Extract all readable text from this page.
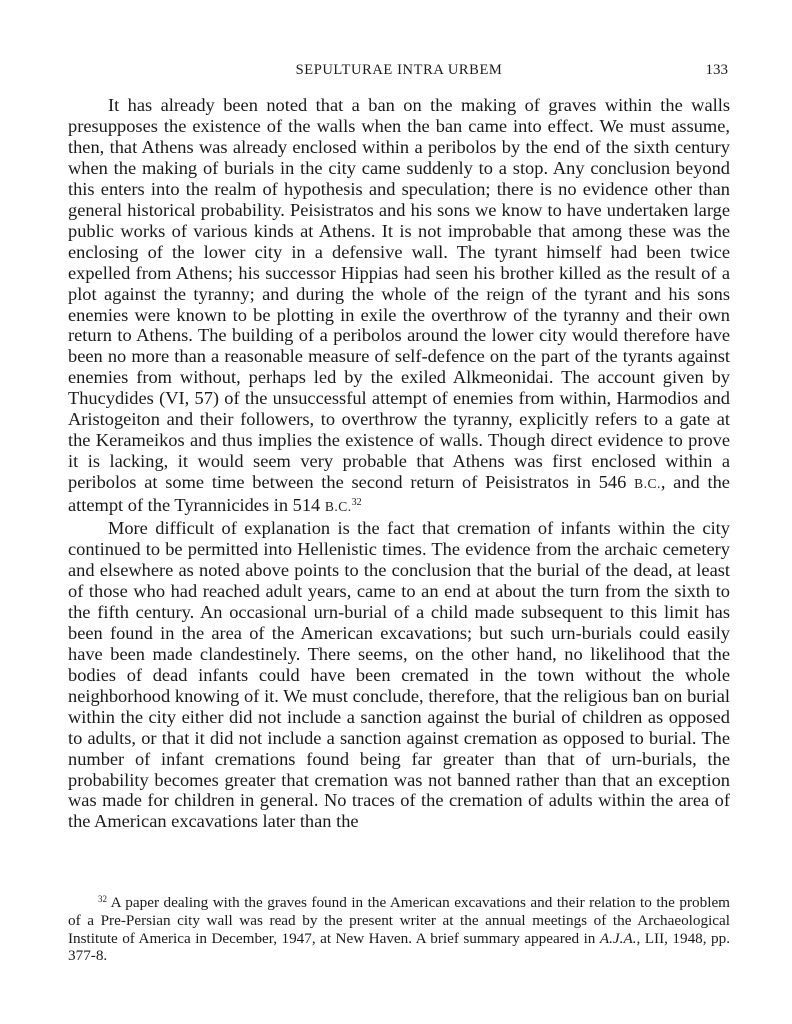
SEPULTURAE INTRA URBEM	133

It has already been noted that a ban on the making of graves within the walls presupposes the existence of the walls when the ban came into effect. We must assume, then, that Athens was already enclosed within a peribolos by the end of the sixth century when the making of burials in the city came suddenly to a stop. Any conclusion beyond this enters into the realm of hypothesis and speculation; there is no evidence other than general historical probability. Peisistratos and his sons we know to have undertaken large public works of various kinds at Athens. It is not improbable that among these was the enclosing of the lower city in a defensive wall. The tyrant himself had been twice expelled from Athens; his successor Hippias had seen his brother killed as the result of a plot against the tyranny; and during the whole of the reign of the tyrant and his sons enemies were known to be plotting in exile the overthrow of the tyranny and their own return to Athens. The building of a peribolos around the lower city would therefore have been no more than a reasonable measure of self-defence on the part of the tyrants against enemies from without, perhaps led by the exiled Alkmeonidai. The account given by Thucydides (VI, 57) of the unsuccessful attempt of enemies from within, Harmodios and Aristogeiton and their followers, to overthrow the tyranny, explicitly refers to a gate at the Kerameikos and thus implies the existence of walls. Though direct evidence to prove it is lacking, it would seem very probable that Athens was first enclosed within a peribolos at some time between the second return of Peisistratos in 546 B.C., and the attempt of the Tyrannicides in 514 B.C.$^{32}$

More difficult of explanation is the fact that cremation of infants within the city continued to be permitted into Hellenistic times. The evidence from the archaic cemetery and elsewhere as noted above points to the conclusion that the burial of the dead, at least of those who had reached adult years, came to an end at about the turn from the sixth to the fifth century. An occasional urn-burial of a child made subsequent to this limit has been found in the area of the American excavations; but such urn-burials could easily have been made clandestinely. There seems, on the other hand, no likelihood that the bodies of dead infants could have been cremated in the town without the whole neighborhood knowing of it. We must conclude, therefore, that the religious ban on burial within the city either did not include a sanction against the burial of children as opposed to adults, or that it did not include a sanction against cremation as opposed to burial. The number of infant cremations found being far greater than that of urn-burials, the probability becomes greater that cremation was not banned rather than that an exception was made for children in general. No traces of the cremation of adults within the area of the American excavations later than the

$^{32}$ A paper dealing with the graves found in the American excavations and their relation to the problem of a Pre-Persian city wall was read by the present writer at the annual meetings of the Archaeological Institute of America in December, 1947, at New Haven. A brief summary appeared in A.J.A., LII, 1948, pp. 377-8.
